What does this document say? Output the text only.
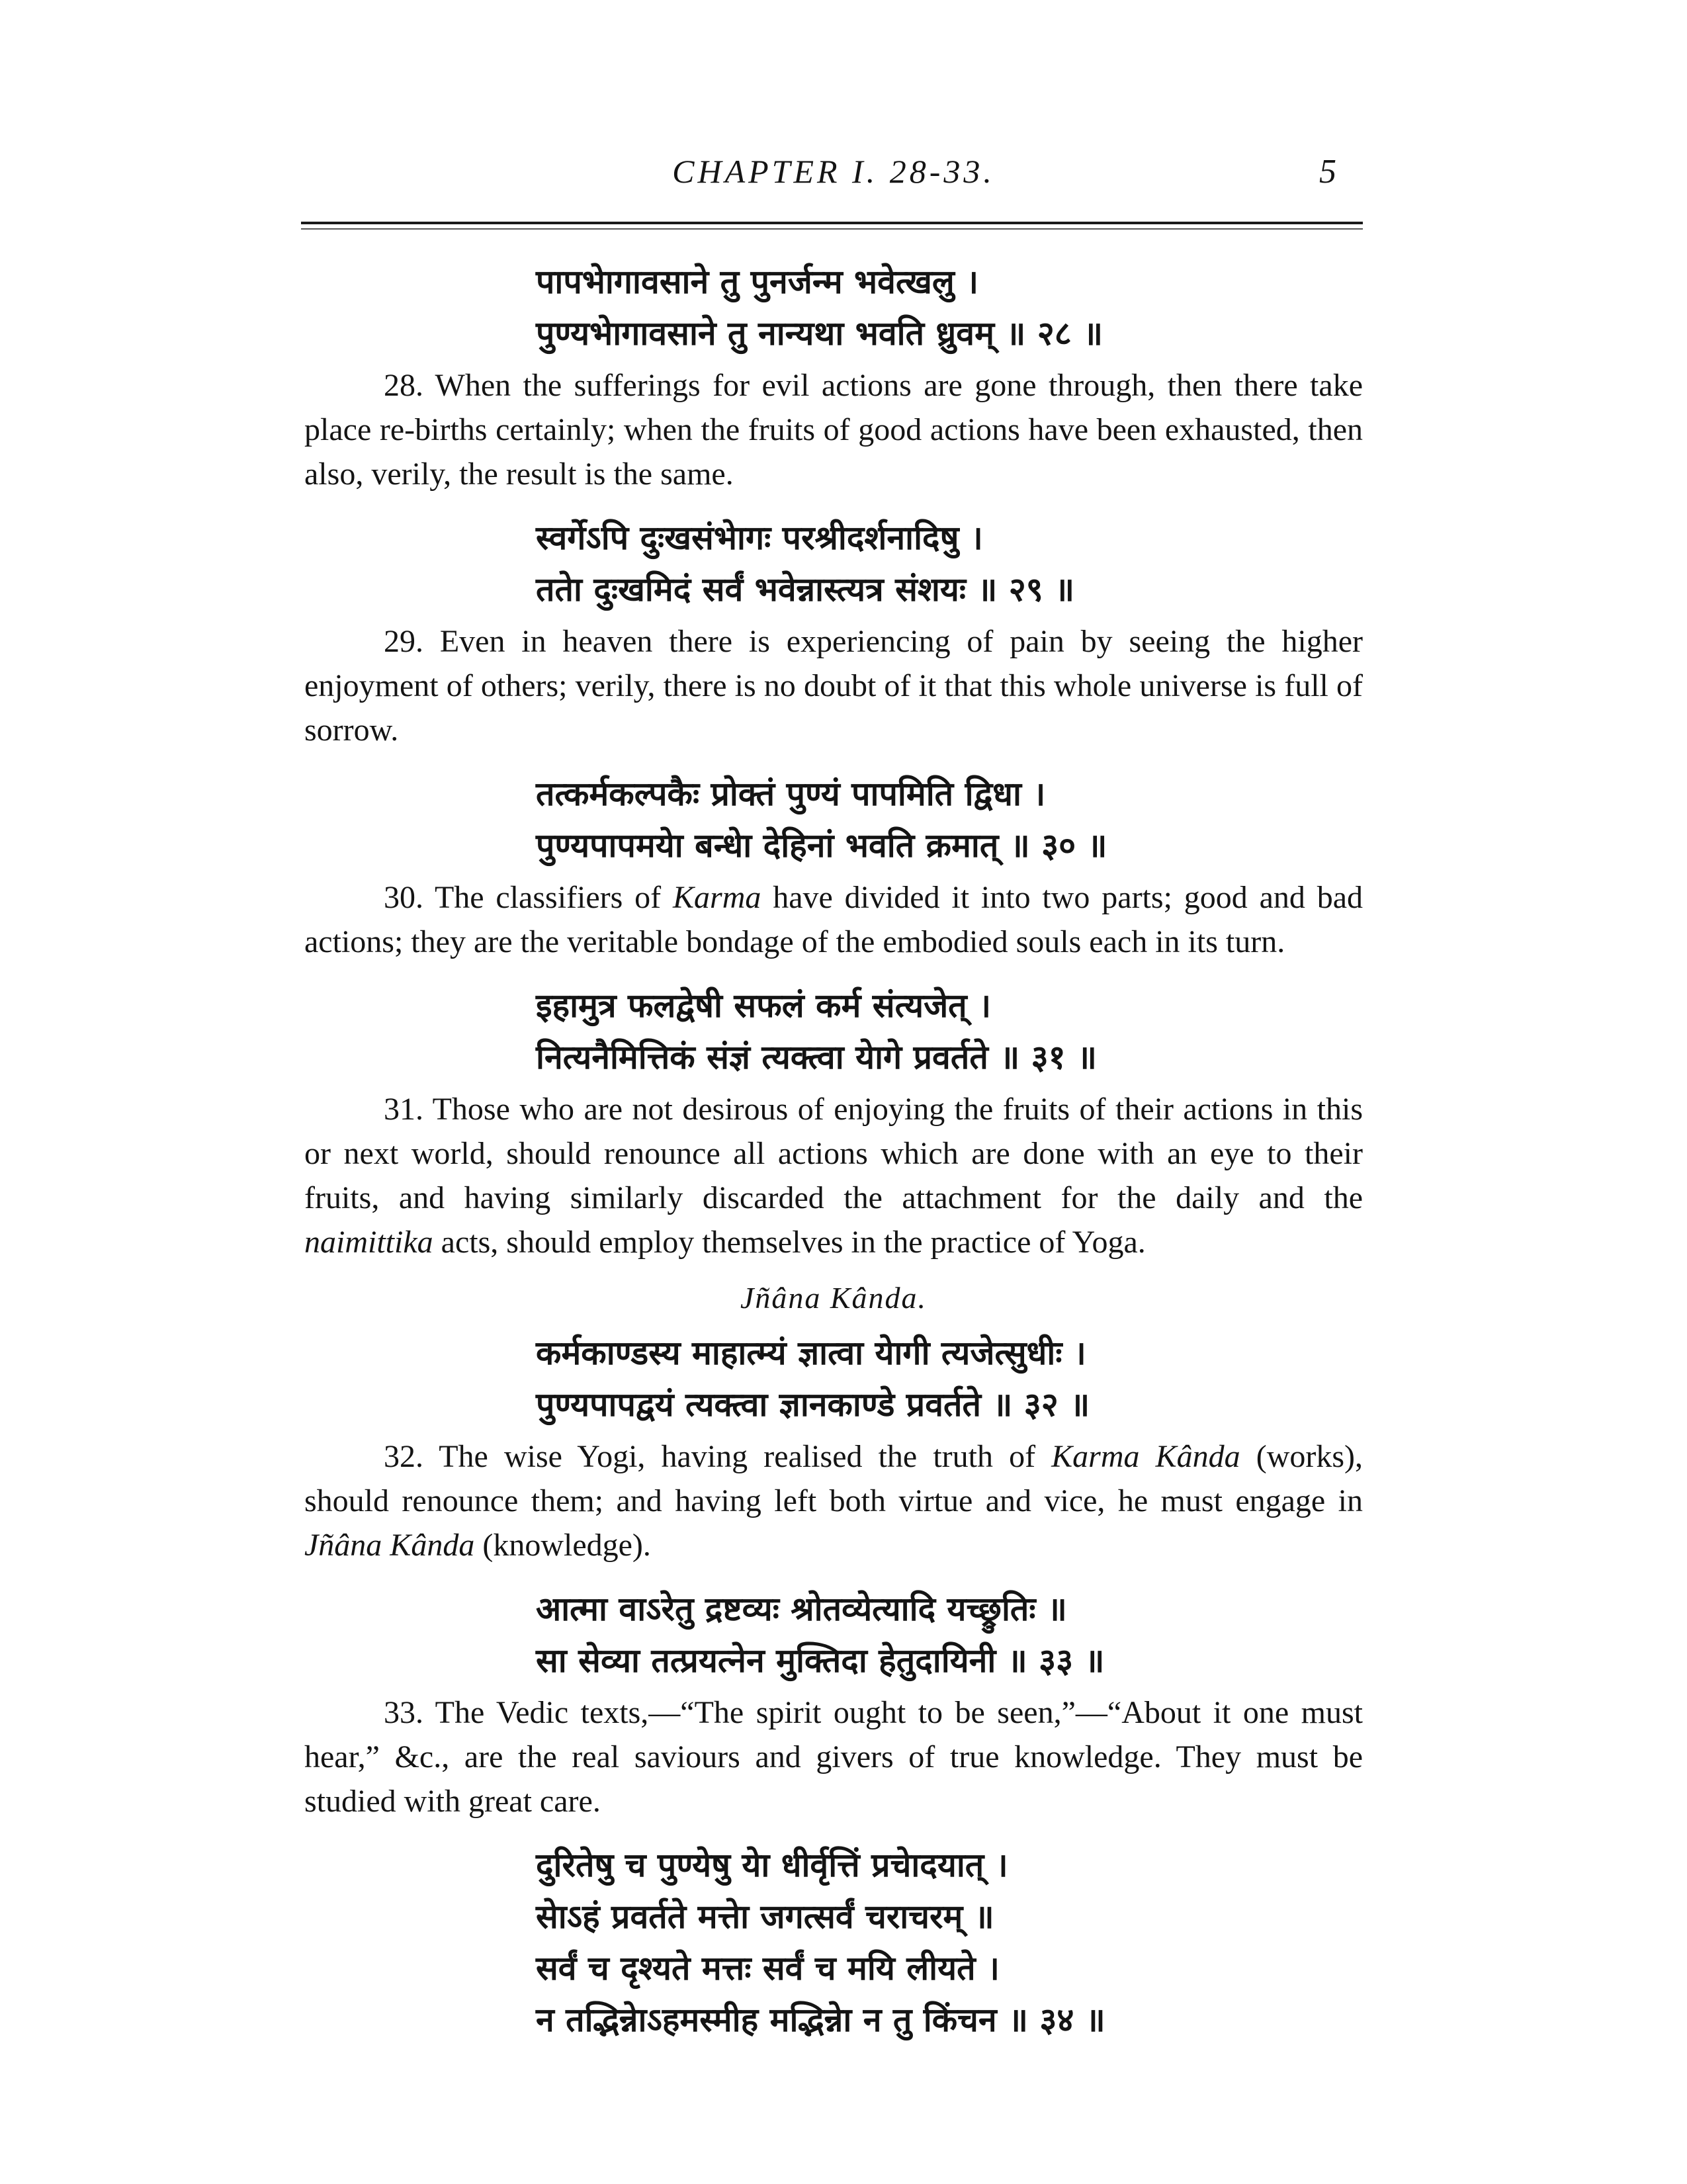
CHAPTER I. 28-33.	5
पापभेागावसाने तु पुनर्जन्म भवेत्खलु ।
पुण्यभेागावसाने तु नान्यथा भवति ध्रुवम् ॥ २८ ॥

28. When the sufferings for evil actions are gone through, then there take place re-births certainly; when the fruits of good actions have been exhausted, then also, verily, the result is the same.

स्वर्गेऽपि दुःखसंभेागः परश्रीदर्शनादिषु ।
ततेा दुःखमिदं सर्वं भवेन्नास्त्यत्र संशयः ॥ २९ ॥

29. Even in heaven there is experiencing of pain by seeing the higher enjoyment of others; verily, there is no doubt of it that this whole universe is full of sorrow.

तत्कर्मकल्पकैः प्रोक्तं पुण्यं पापमिति द्विधा ।
पुण्यपापमयेा बन्धेा देहिनां भवति क्रमात् ॥ ३० ॥

30. The classifiers of Karma have divided it into two parts; good and bad actions; they are the veritable bondage of the embodied souls each in its turn.

इहामुत्र फलद्वेषी सफलं कर्म संत्यजेत् ।
नित्यनैमित्तिकं संज्ञं त्यक्त्वा येागे प्रवर्तते ॥ ३१ ॥

31. Those who are not desirous of enjoying the fruits of their actions in this or next world, should renounce all actions which are done with an eye to their fruits, and having similarly discarded the attachment for the daily and the naimittika acts, should employ themselves in the practice of Yoga.

Jñâna Kânda.
कर्मकाण्डस्य माहात्म्यं ज्ञात्वा येागी त्यजेत्सुधीः ।
पुण्यपापद्वयं त्यक्त्वा ज्ञानकाण्डे प्रवर्तते ॥ ३२ ॥

32. The wise Yogi, having realised the truth of Karma Kânda (works), should renounce them; and having left both virtue and vice, he must engage in Jñâna Kânda (knowledge).

आत्मा वाऽरेतु द्रष्टव्यः श्रोतव्येत्यादि यच्छ्रुतिः ॥
सा सेव्या तत्प्रयत्नेन मुक्तिदा हेतुदायिनी ॥ ३३ ॥

33. The Vedic texts,—“The spirit ought to be seen,”—“About it one must hear,” &c., are the real saviours and givers of true knowledge. They must be studied with great care.

दुरितेषु च पुण्येषु येा धीर्वृत्तिं प्रचेादयात् ।
सेाऽहं प्रवर्तते मत्तेा जगत्सर्वं चराचरम् ॥
सर्वं च दृश्यते मत्तः सर्वं च मयि लीयते ।
न तद्भिन्नेाऽहमस्मीह मद्भिन्नेा न तु किंचन ॥ ३४ ॥
